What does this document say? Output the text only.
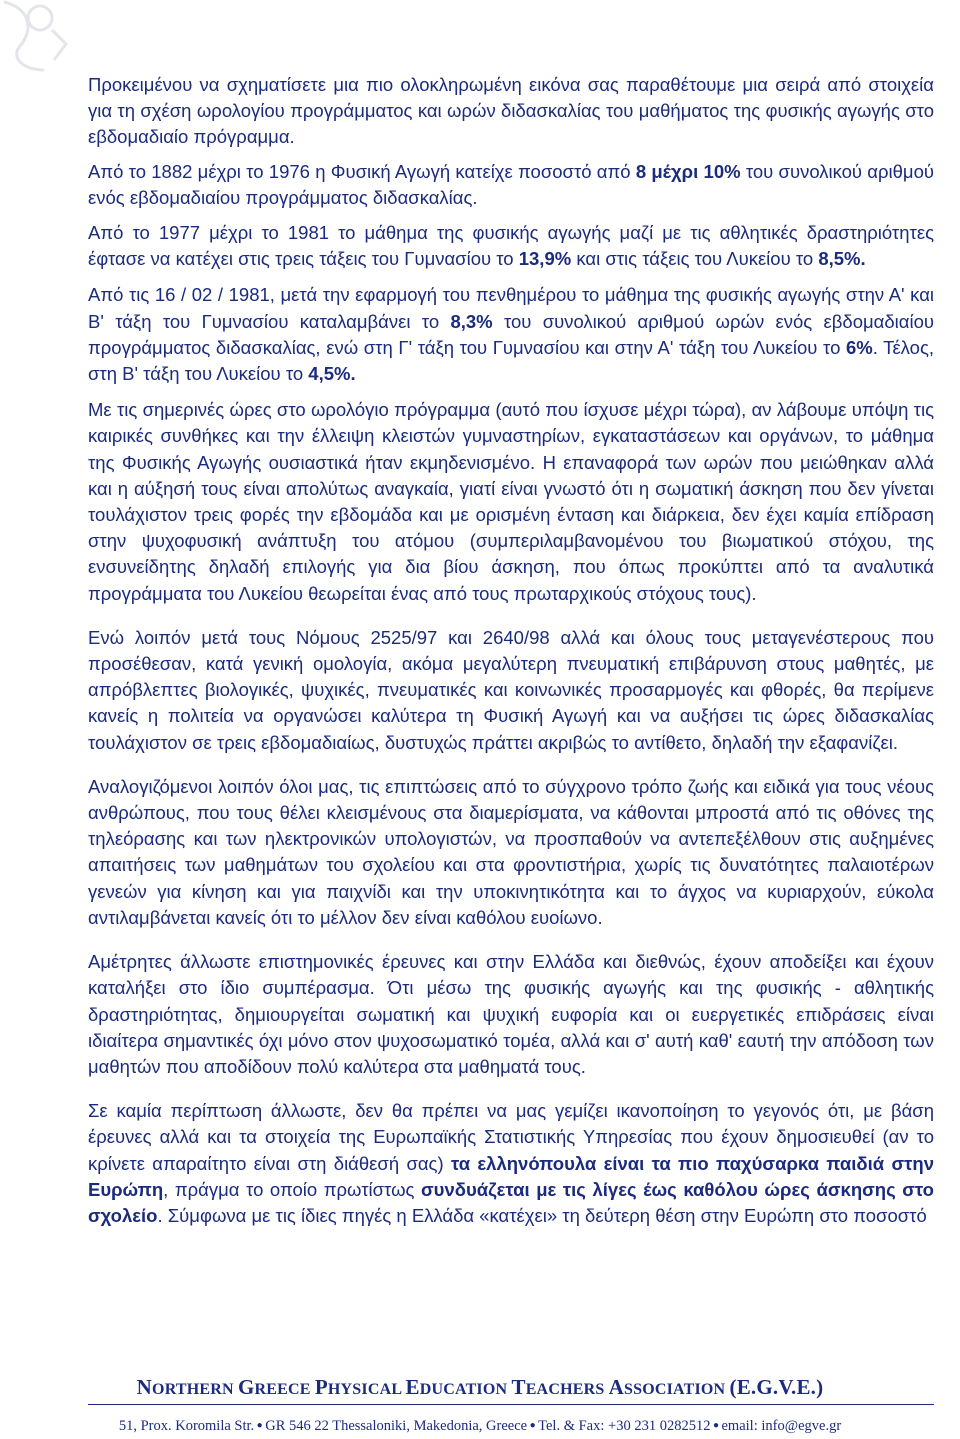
Προκειμένου να σχηματίσετε μια πιο ολοκληρωμένη εικόνα σας παραθέτουμε μια σειρά από στοιχεία για τη σχέση ωρολογίου προγράμματος και ωρών διδασκαλίας του μαθήματος της φυσικής αγωγής στο εβδομαδιαίο πρόγραμμα.

Από το 1882 μέχρι το 1976 η Φυσική Αγωγή κατείχε ποσοστό από 8 μέχρι 10% του συνολικού αριθμού ενός εβδομαδιαίου προγράμματος διδασκαλίας.

Από το 1977 μέχρι το 1981 το μάθημα της φυσικής αγωγής μαζί με τις αθλητικές δραστηριότητες έφτασε να κατέχει στις τρεις τάξεις του Γυμνασίου το 13,9% και στις τάξεις του Λυκείου το 8,5%.

Από τις 16 / 02 / 1981, μετά την εφαρμογή του πενθημέρου το μάθημα της φυσικής αγωγής στην Α' και Β' τάξη του Γυμνασίου καταλαμβάνει το 8,3% του συνολικού αριθμού ωρών ενός εβδομαδιαίου προγράμματος διδασκαλίας, ενώ στη Γ' τάξη του Γυμνασίου και στην Α' τάξη του Λυκείου το 6%. Τέλος, στη Β' τάξη του Λυκείου το 4,5%.

Με τις σημερινές ώρες στο ωρολόγιο πρόγραμμα (αυτό που ίσχυσε μέχρι τώρα), αν λάβουμε υπόψη τις καιρικές συνθήκες και την έλλειψη κλειστών γυμναστηρίων, εγκαταστάσεων και οργάνων, το μάθημα της Φυσικής Αγωγής ουσιαστικά ήταν εκμηδενισμένο. Η επαναφορά των ωρών που μειώθηκαν αλλά και η αύξησή τους είναι απολύτως αναγκαία, γιατί είναι γνωστό ότι η σωματική άσκηση που δεν γίνεται τουλάχιστον τρεις φορές την εβδομάδα και με ορισμένη ένταση και διάρκεια, δεν έχει καμία επίδραση στην ψυχοφυσική ανάπτυξη του ατόμου (συμπεριλαμβανομένου του βιωματικού στόχου, της ενσυνείδητης δηλαδή επιλογής για δια βίου άσκηση, που όπως προκύπτει από τα αναλυτικά προγράμματα του Λυκείου θεωρείται ένας από τους πρωταρχικούς στόχους τους).

Ενώ λοιπόν μετά τους Νόμους 2525/97 και 2640/98 αλλά και όλους τους μεταγενέστερους που προσέθεσαν, κατά γενική ομολογία, ακόμα μεγαλύτερη πνευματική επιβάρυνση στους μαθητές, με απρόβλεπτες βιολογικές, ψυχικές, πνευματικές και κοινωνικές προσαρμογές και φθορές, θα περίμενε κανείς η πολιτεία να οργανώσει καλύτερα τη Φυσική Αγωγή και να αυξήσει τις ώρες διδασκαλίας τουλάχιστον σε τρεις εβδομαδιαίως, δυστυχώς πράττει ακριβώς το αντίθετο, δηλαδή την εξαφανίζει.

Αναλογιζόμενοι λοιπόν όλοι μας, τις επιπτώσεις από το σύγχρονο τρόπο ζωής και ειδικά για τους νέους ανθρώπους, που τους θέλει κλεισμένους στα διαμερίσματα, να κάθονται μπροστά από τις οθόνες της τηλεόρασης και των ηλεκτρονικών υπολογιστών, να προσπαθούν να αντεπεξέλθουν στις αυξημένες απαιτήσεις των μαθημάτων του σχολείου και στα φροντιστήρια, χωρίς τις δυνατότητες παλαιοτέρων γενεών για κίνηση και για παιχνίδι και την υποκινητικότητα και το άγχος να κυριαρχούν, εύκολα αντιλαμβάνεται κανείς ότι το μέλλον δεν είναι καθόλου ευοίωνο.

Αμέτρητες άλλωστε επιστημονικές έρευνες και στην Ελλάδα και διεθνώς, έχουν αποδείξει και έχουν καταλήξει στο ίδιο συμπέρασμα. Ότι μέσω της φυσικής αγωγής και της φυσικής - αθλητικής δραστηριότητας, δημιουργείται σωματική και ψυχική ευφορία και οι ευεργετικές επιδράσεις είναι ιδιαίτερα σημαντικές όχι μόνο στον ψυχοσωματικό τομέα, αλλά και σ' αυτή καθ' εαυτή την απόδοση των μαθητών που αποδίδουν πολύ καλύτερα στα μαθηματά τους.

Σε καμία περίπτωση άλλωστε, δεν θα πρέπει να μας γεμίζει ικανοποίηση το γεγονός ότι, με βάση έρευνες αλλά και τα στοιχεία της Ευρωπαϊκής Στατιστικής Υπηρεσίας που έχουν δημοσιευθεί (αν το κρίνετε απαραίτητο είναι στη διάθεσή σας) τα ελληνόπουλα είναι τα πιο παχύσαρκα παιδιά στην Ευρώπη, πράγμα το οποίο πρωτίστως συνδυάζεται με τις λίγες έως καθόλου ώρες άσκησης στο σχολείο. Σύμφωνα με τις ίδιες πηγές η Ελλάδα «κατέχει» τη δεύτερη θέση στην Ευρώπη στο ποσοστό

NORTHERN GREECE PHYSICAL EDUCATION TEACHERS ASSOCIATION (E.G.V.E.)
51, Prox. Koromila Str. ● GR 546 22 Thessaloniki, Makedonia, Greece ● Tel. & Fax: +30 231 0282512 ● email: info@egve.gr
